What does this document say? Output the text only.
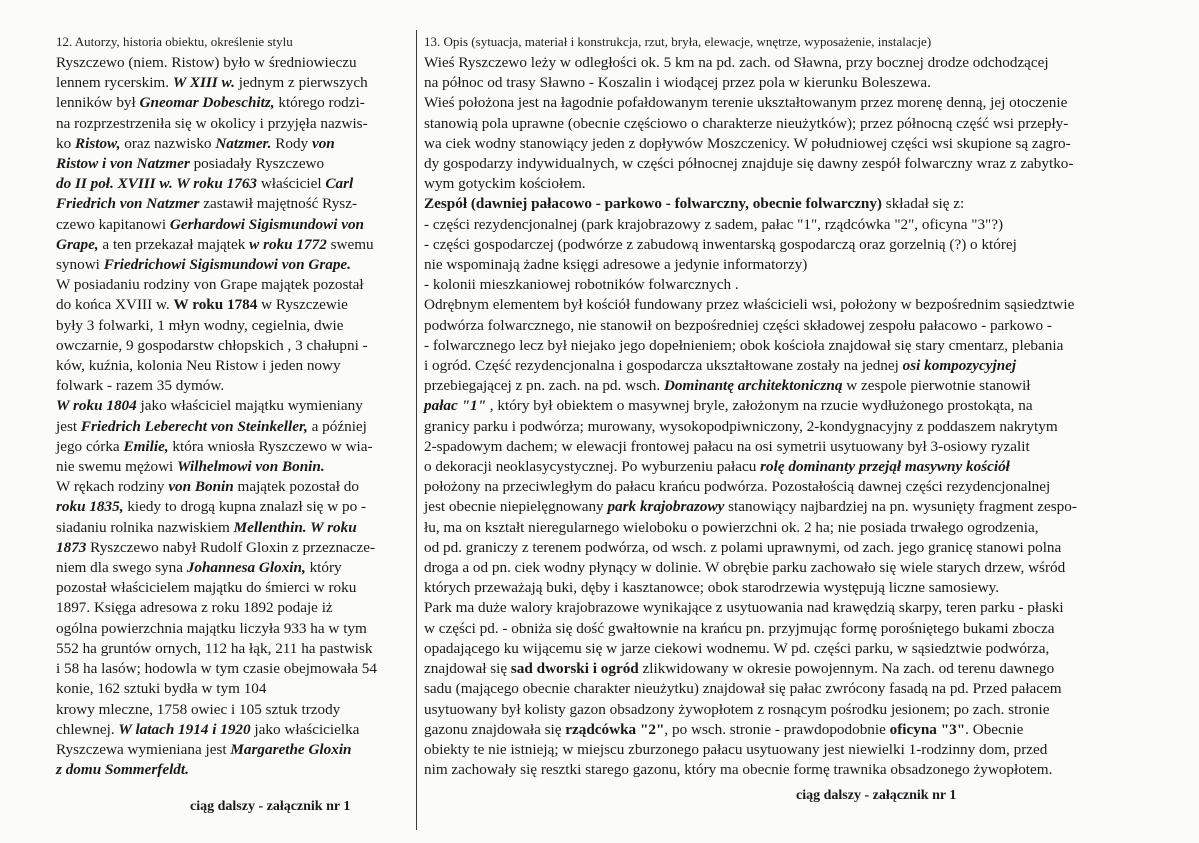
12. Autorzy, historia obiektu, określenie stylu
Ryszczewo (niem. Ristow) było w średniowieczu
lennem rycerskim. W XIII w. jednym z pierwszych
lenników był Gneomar Dobeschitz, którego rodzi-
na rozprzestrzeniła się w okolicy i przyjęła nazwis-
ko Ristow, oraz nazwisko Natzmer. Rody von
Ristow i von Natzmer posiadały Ryszczewo
do II poł. XVIII w. W roku 1763 właściciel Carl
Friedrich von Natzmer zastawił majętność Rysz-
czewo kapitanowi Gerhardowi Sigismundowi von
Grape, a ten przekazał majątek w roku 1772 swemu
synowi Friedrichowi Sigismundowi von Grape.
W posiadaniu rodziny von Grape majątek pozostał
do końca XVIII w. W roku 1784 w Ryszczewie
były 3 folwarki, 1 młyn wodny, cegielnia, dwie
owczarnie, 9 gospodarstw chłopskich , 3 chałupni -
ków, kuźnia, kolonia Neu Ristow i jeden nowy
folwark - razem 35 dymów.
W roku 1804 jako właściciel majątku wymieniany
jest Friedrich Leberecht von Steinkeller, a później
jego córka Emilie, która wniosła Ryszczewo w wia-
nie swemu mężowi Wilhelmowi von Bonin.
W rękach rodziny von Bonin majątek pozostał do
roku 1835, kiedy to drogą kupna znalazł się w po -
siadaniu rolnika nazwiskiem Mellenthin. W roku
1873 Ryszczewo nabył Rudolf Gloxin z przeznacze-
niem dla swego syna Johannesa Gloxin, który
pozostał właścicielem majątku do śmierci w roku
1897. Księga adresowa z roku 1892 podaje iż
ogólna powierzchnia majątku liczyła 933 ha w tym
552 ha gruntów ornych, 112 ha łąk, 211 ha pastwisk
i 58 ha lasów; hodowla w tym czasie obejmowała 54
konie, 162 sztuki bydła w tym 104
krowy mleczne, 1758 owiec i 105 sztuk trzody
chlewnej. W latach 1914 i 1920 jako właścicielka
Ryszczewa wymieniana jest Margarethe Gloxin
z domu Sommerfeldt.
13. Opis (sytuacja, materiał i konstrukcja, rzut, bryła, elewacje, wnętrze, wyposażenie, instalacje)
Wieś Ryszczewo leży w odległości ok. 5 km na pd. zach. od Sławna, przy bocznej drodze odchodzącej
na północ od trasy Sławno - Koszalin i wiodącej przez pola w kierunku Boleszewa.
Wieś położona jest na łagodnie pofałdowanym terenie ukształtowanym przez morenę denną, jej otoczenie
stanowią pola uprawne (obecnie częściowo o charakterze nieużytków); przez północną część wsi przepły-
wa ciek wodny stanowiący jeden z dopływów Moszczenicy. W południowej części wsi skupione są zagro-
dy gospodarzy indywidualnych, w części północnej znajduje się dawny zespół folwarczny wraz z zabytko-
wym gotyckim kościołem.
Zespół (dawniej pałacowo - parkowo - folwarczny, obecnie folwarczny) składał się z:
- części rezydencjonalnej (park krajobrazowy z sadem, pałac "1", rządcówka "2", oficyna "3"?)
- części gospodarczej (podwórze z zabudową inwentarską gospodarczą oraz gorzelnią (?) o której
nie wspominają żadne księgi adresowe a jedynie informatorzy)
- kolonii mieszkaniowej robotników folwarcznych .
Odrębnym elementem był kościół fundowany przez właścicieli wsi, położony w bezpośrednim sąsiedztwie
podwórza folwarcznego, nie stanowił on bezpośredniej części składowej zespołu pałacowo - parkowo -
- folwarcznego lecz był niejako jego dopełnieniem; obok kościoła znajdował się stary cmentarz, plebania
i ogród. Część rezydencjonalna i gospodarcza ukształtowane zostały na jednej osi kompozycyjnej
przebiegającej z pn. zach. na pd. wsch. Dominantę architektoniczną w zespole pierwotnie stanowił
pałac "1" , który był obiektem o masywnej bryle, założonym na rzucie wydłużonego prostokąta, na
granicy parku i podwórza; murowany, wysokopodpiwniczony, 2-kondygnacyjny z poddaszem nakrytym
2-spadowym dachem; w elewacji frontowej pałacu na osi symetrii usytuowany był 3-osiowy ryzalit
o dekoracji neoklasycystycznej. Po wyburzeniu pałacu rolę dominanty przejął masywny kościół
położony na przeciwległym do pałacu krańcu podwórza. Pozostałością dawnej części rezydencjonalnej
jest obecnie niepielęgnowany park krajobrazowy stanowiący najbardziej na pn. wysunięty fragment zespo-
łu, ma on kształt nieregularnego wieloboku o powierzchni ok. 2 ha; nie posiada trwałego ogrodzenia,
od pd. graniczy z terenem podwórza, od wsch. z polami uprawnymi, od zach. jego granicę stanowi polna
droga a od pn. ciek wodny płynący w dolinie. W obrębie parku zachowało się wiele starych drzew, wśród
których przeważają buki, dęby i kasztanowce; obok starodrzewia występują liczne samosiewy.
Park ma duże walory krajobrazowe wynikające z usytuowania nad krawędzią skarpy, teren parku - płaski
w części pd. - obniża się dość gwałtownie na krańcu pn. przyjmując formę porośniętego bukami zbocza
opadającego ku wijącemu się w jarze ciekowi wodnemu. W pd. części parku, w sąsiedztwie podwórza,
znajdował się sad dworski i ogród zlikwidowany w okresie powojennym. Na zach. od terenu dawnego
sadu (mającego obecnie charakter nieużytku) znajdował się pałac zwrócony fasadą na pd. Przed pałacem
usytuowany był kolisty gazon obsadzony żywopłotem z rosnącym pośrodku jesionem; po zach. stronie
gazonu znajdowała się rządcówka "2", po wsch. stronie - prawdopodobnie oficyna "3". Obecnie
obiekty te nie istnieją; w miejscu zburzonego pałacu usytuowany jest niewielki 1-rodzinny dom, przed
nim zachowały się resztki starego gazonu, który ma obecnie formę trawnika obsadzonego żywopłotem.
ciąg dalszy - załącznik nr 1
ciąg dalszy - załącznik nr 1
